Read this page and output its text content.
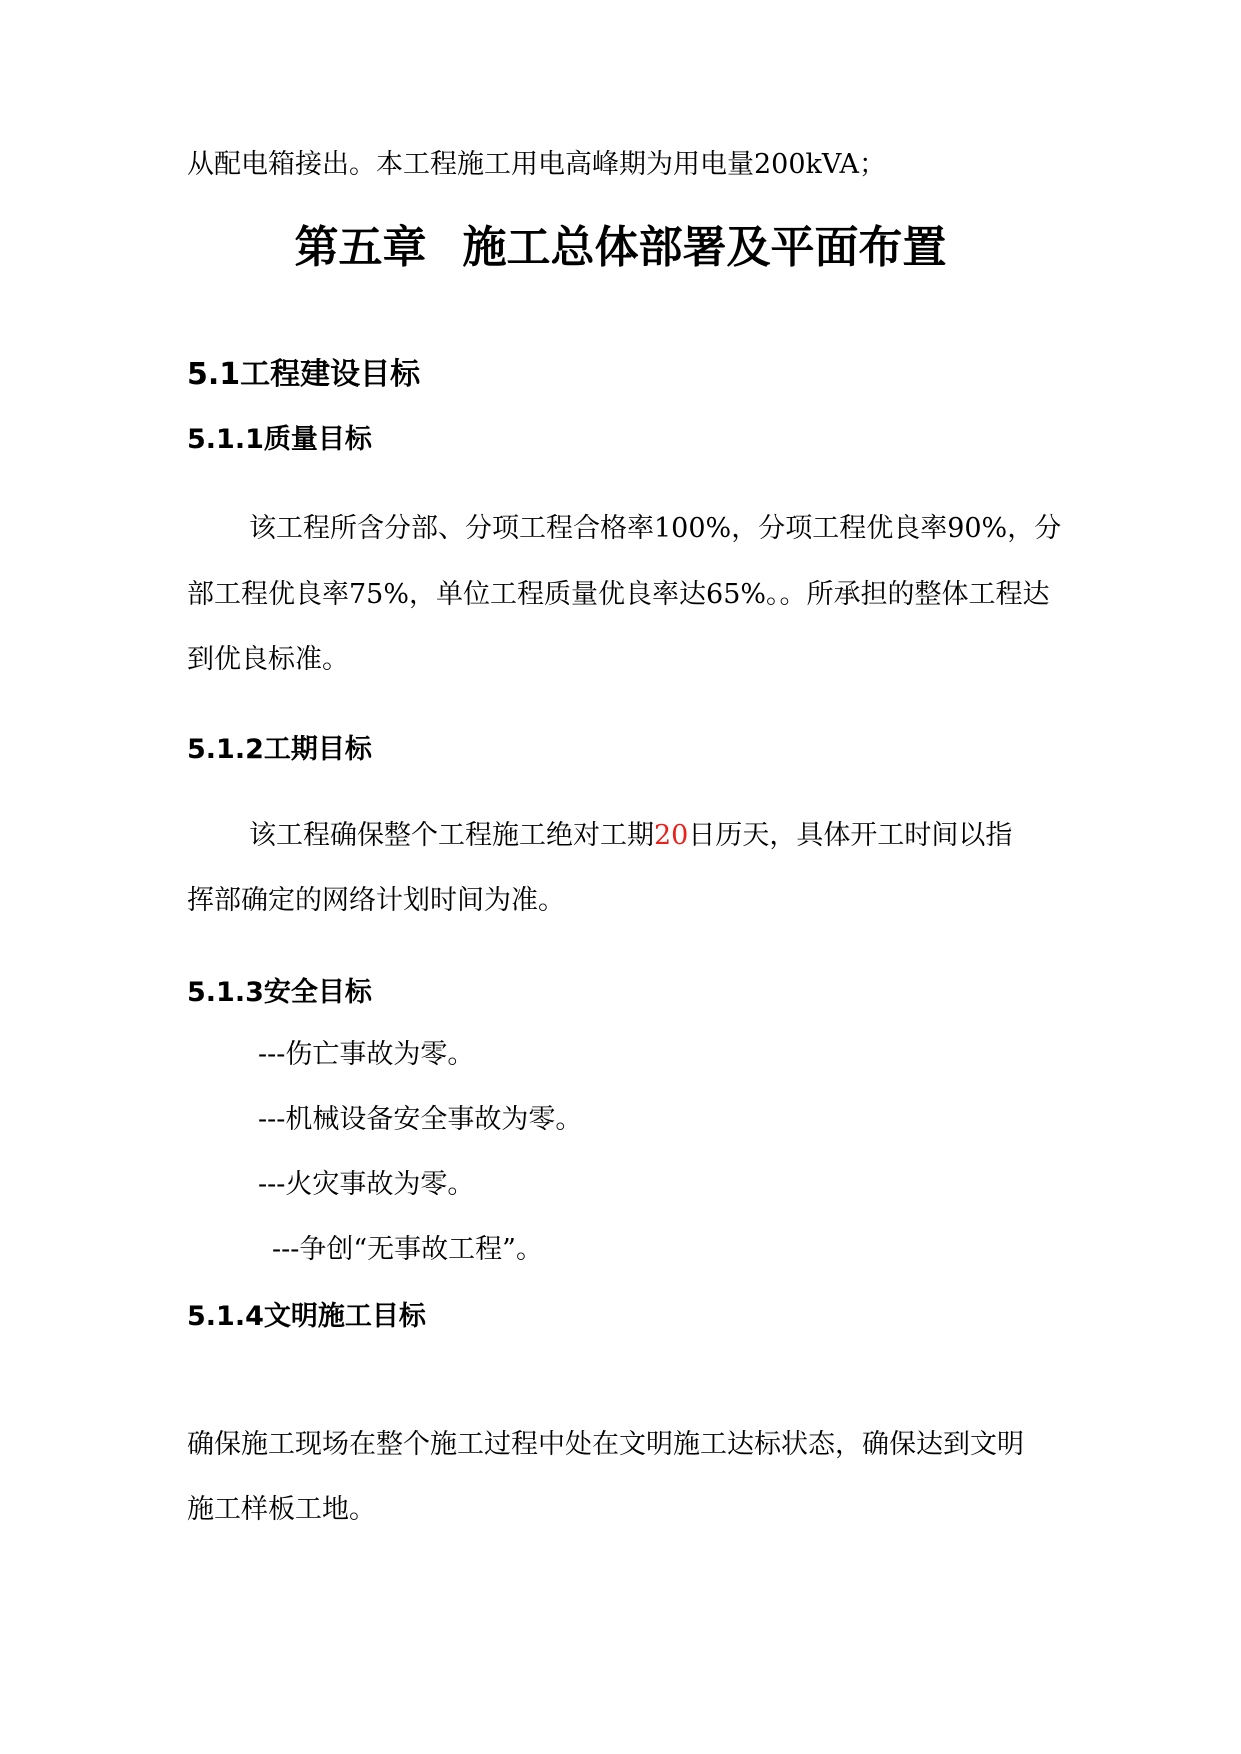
从配电箱接出。本工程施工用电高峰期为用电量200kVA；
第五章 施工总体部署及平面布置
5.1工程建设目标
5.1.1质量目标
该工程所含分部、分项工程合格率100%，分项工程优良率90%，分
部工程优良率75%，单位工程质量优良率达65%。。所承担的整体工程达
到优良标准。
5.1.2工期目标
该工程确保整个工程施工绝对工期20日历天，具体开工时间以指
挥部确定的网络计划时间为准。
5.1.3安全目标
---伤亡事故为零。
---机械设备安全事故为零。
---火灾事故为零。
---争创“无事故工程”。
5.1.4文明施工目标
确保施工现场在整个施工过程中处在文明施工达标状态，确保达到文明
施工样板工地。
